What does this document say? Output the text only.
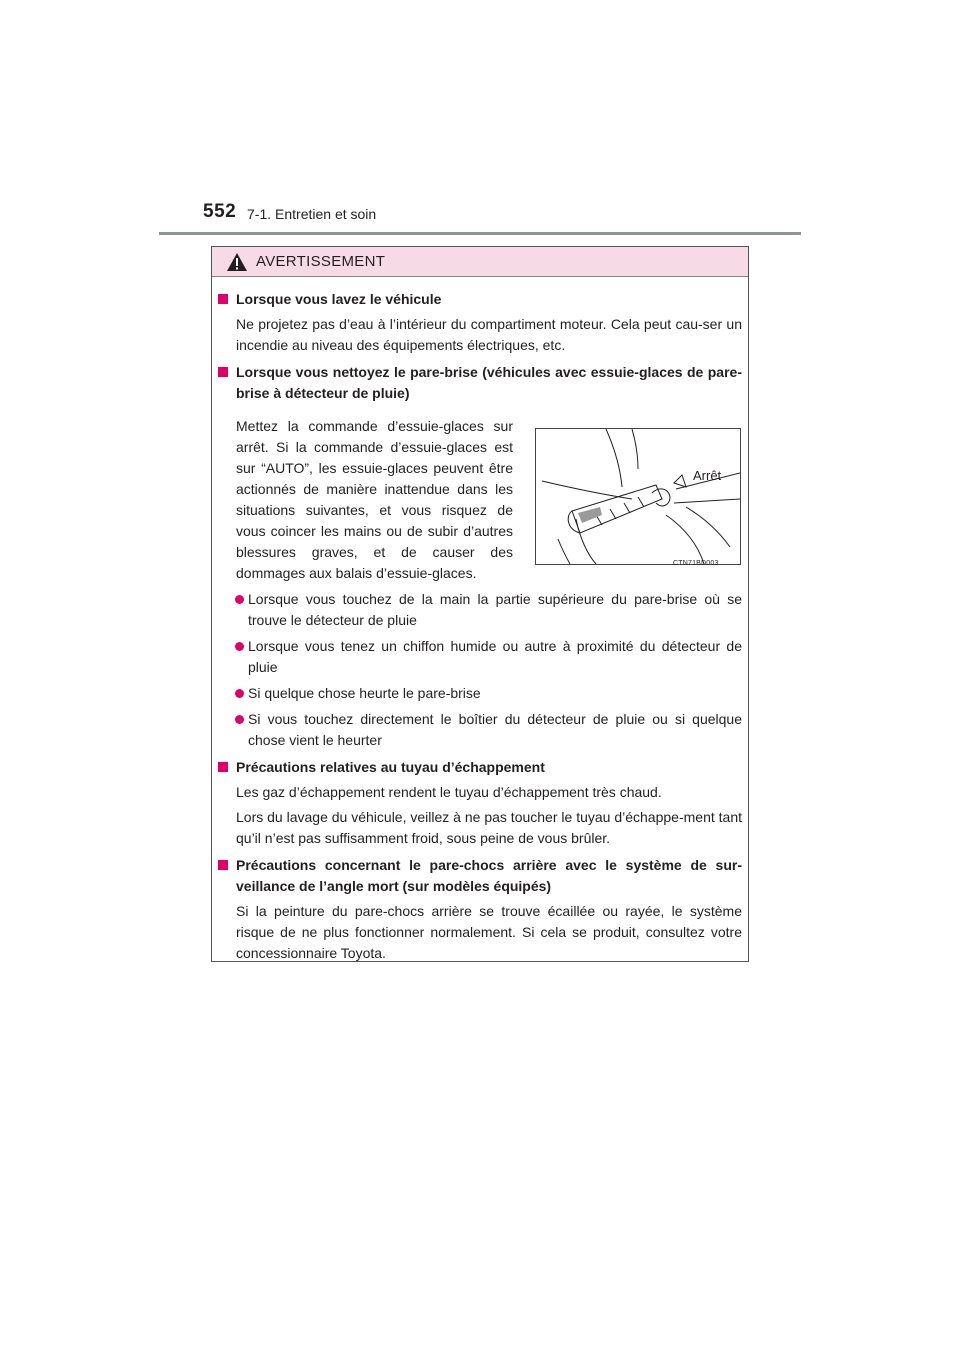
552 7-1. Entretien et soin
AVERTISSEMENT
Lorsque vous lavez le véhicule
Ne projetez pas d’eau à l’intérieur du compartiment moteur. Cela peut cau-ser un incendie au niveau des équipements électriques, etc.
Lorsque vous nettoyez le pare-brise (véhicules avec essuie-glaces de pare-brise à détecteur de pluie)
Mettez la commande d’essuie-glaces sur arrêt. Si la commande d’essuie-glaces est sur “AUTO”, les essuie-glaces peuvent être actionnés de manière inattendue dans les situations suivantes, et vous risquez de vous coincer les mains ou de subir d’autres blessures graves, et de causer des dommages aux balais d’essuie-glaces.
Arrêt
CTN71BD003
Lorsque vous touchez de la main la partie supérieure du pare-brise où se trouve le détecteur de pluie
Lorsque vous tenez un chiffon humide ou autre à proximité du détecteur de pluie
Si quelque chose heurte le pare-brise
Si vous touchez directement le boîtier du détecteur de pluie ou si quelque chose vient le heurter
Précautions relatives au tuyau d’échappement
Les gaz d’échappement rendent le tuyau d’échappement très chaud.
Lors du lavage du véhicule, veillez à ne pas toucher le tuyau d’échappe-ment tant qu’il n’est pas suffisamment froid, sous peine de vous brûler.
Précautions concernant le pare-chocs arrière avec le système de sur-veillance de l’angle mort (sur modèles équipés)
Si la peinture du pare-chocs arrière se trouve écaillée ou rayée, le système risque de ne plus fonctionner normalement. Si cela se produit, consultez votre concessionnaire Toyota.
